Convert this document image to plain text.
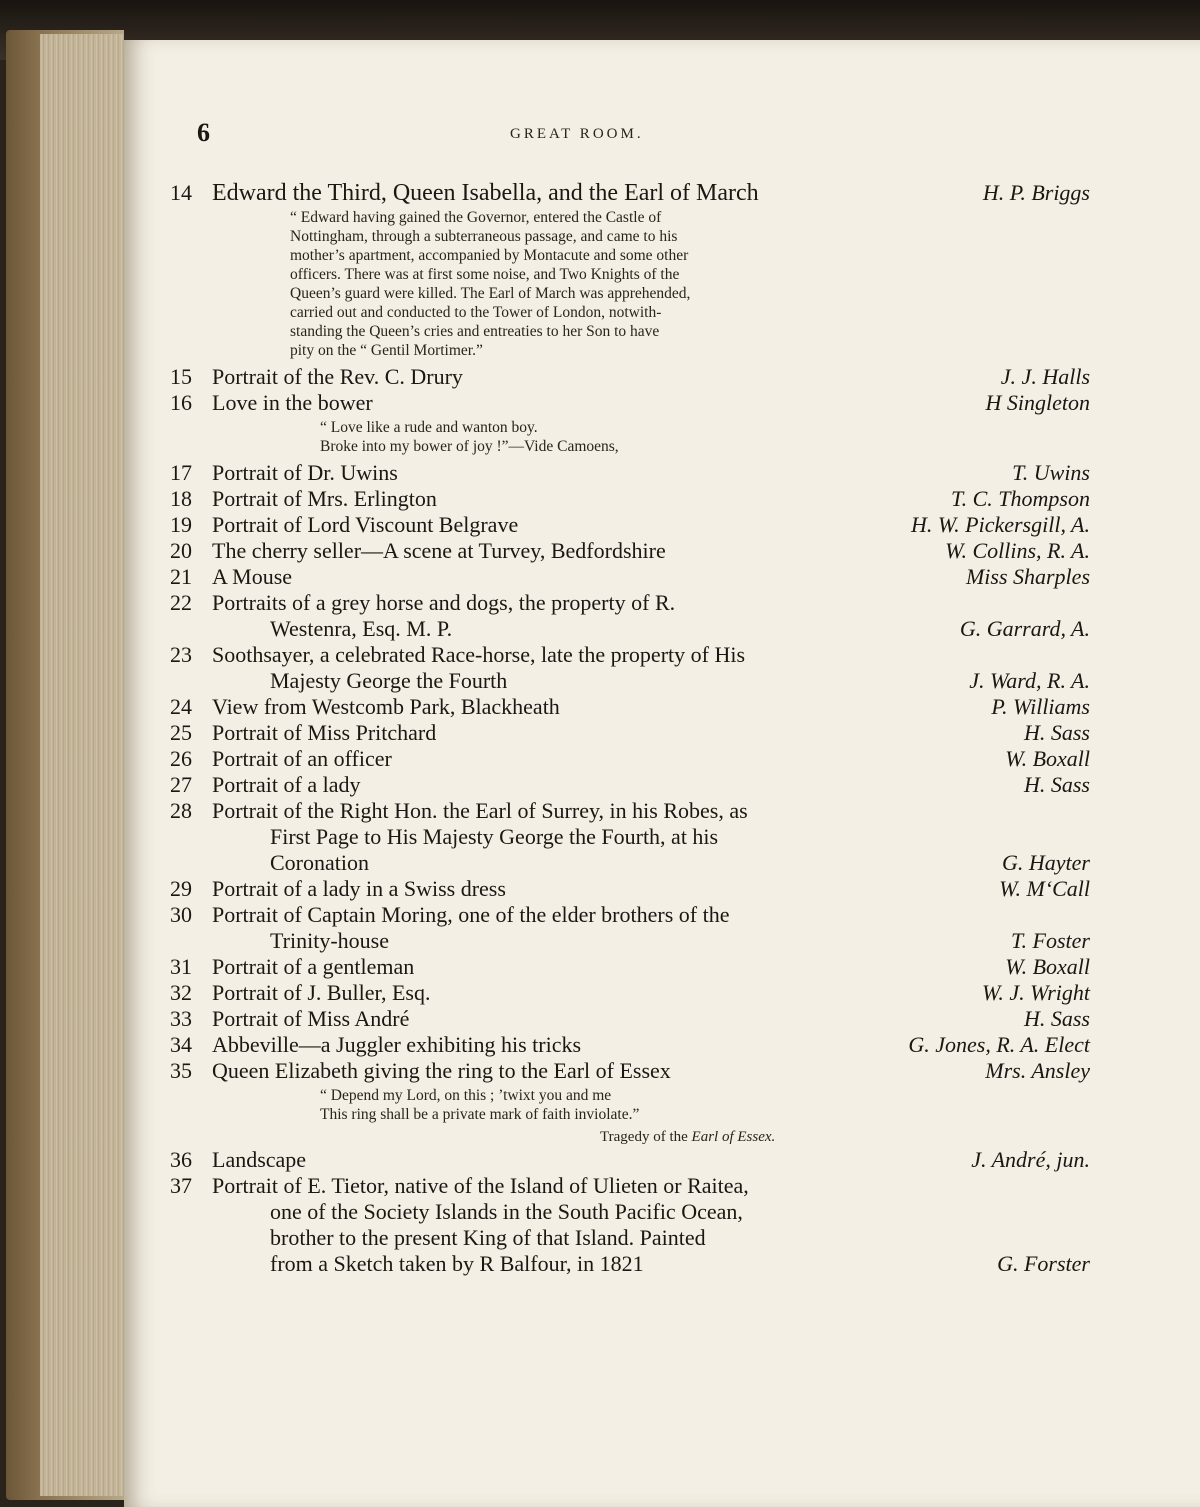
6	GREAT ROOM.
14 Edward the Third, Queen Isabella, and the Earl of March	H. P. Briggs
“ Edward having gained the Governor, entered the Castle of
Nottingham, through a subterraneous passage, and came to his
mother’s apartment, accompanied by Montacute and some other
officers. There was at first some noise, and Two Knights of the
Queen’s guard were killed. The Earl of March was apprehended,
carried out and conducted to the Tower of London, notwith-
standing the Queen’s cries and entreaties to her Son to have
pity on the “ Gentil Mortimer.”
15 Portrait of the Rev. C. Drury	J. J. Halls
16 Love in the bower	H Singleton
“ Love like a rude and wanton boy.
Broke into my bower of joy !”—Vide Camoens,
17 Portrait of Dr. Uwins	T. Uwins
18 Portrait of Mrs. Erlington	T. C. Thompson
19 Portrait of Lord Viscount Belgrave	H. W. Pickersgill, A.
20 The cherry seller—A scene at Turvey, Bedfordshire	W. Collins, R. A.
21 A Mouse	Miss Sharples
22 Portraits of a grey horse and dogs, the property of R.
Westenra, Esq. M. P.	G. Garrard, A.
23 Soothsayer, a celebrated Race-horse, late the property of His
Majesty George the Fourth	J. Ward, R. A.
24 View from Westcomb Park, Blackheath	P. Williams
25 Portrait of Miss Pritchard	H. Sass
26 Portrait of an officer	W. Boxall
27 Portrait of a lady	H. Sass
28 Portrait of the Right Hon. the Earl of Surrey, in his Robes, as
First Page to His Majesty George the Fourth, at his
Coronation	G. Hayter
29 Portrait of a lady in a Swiss dress	W. M‘Call
30 Portrait of Captain Moring, one of the elder brothers of the
Trinity-house	T. Foster
31 Portrait of a gentleman	W. Boxall
32 Portrait of J. Buller, Esq.	W. J. Wright
33 Portrait of Miss André	H. Sass
34 Abbeville—a Juggler exhibiting his tricks	G. Jones, R. A. Elect
35 Queen Elizabeth giving the ring to the Earl of Essex	Mrs. Ansley
“ Depend my Lord, on this ; ’twixt you and me
This ring shall be a private mark of faith inviolate.”
Tragedy of the Earl of Essex.
36 Landscape	J. André, jun.
37 Portrait of E. Tietor, native of the Island of Ulieten or Raitea,
one of the Society Islands in the South Pacific Ocean,
brother to the present King of that Island. Painted
from a Sketch taken by R Balfour, in 1821	G. Forster
